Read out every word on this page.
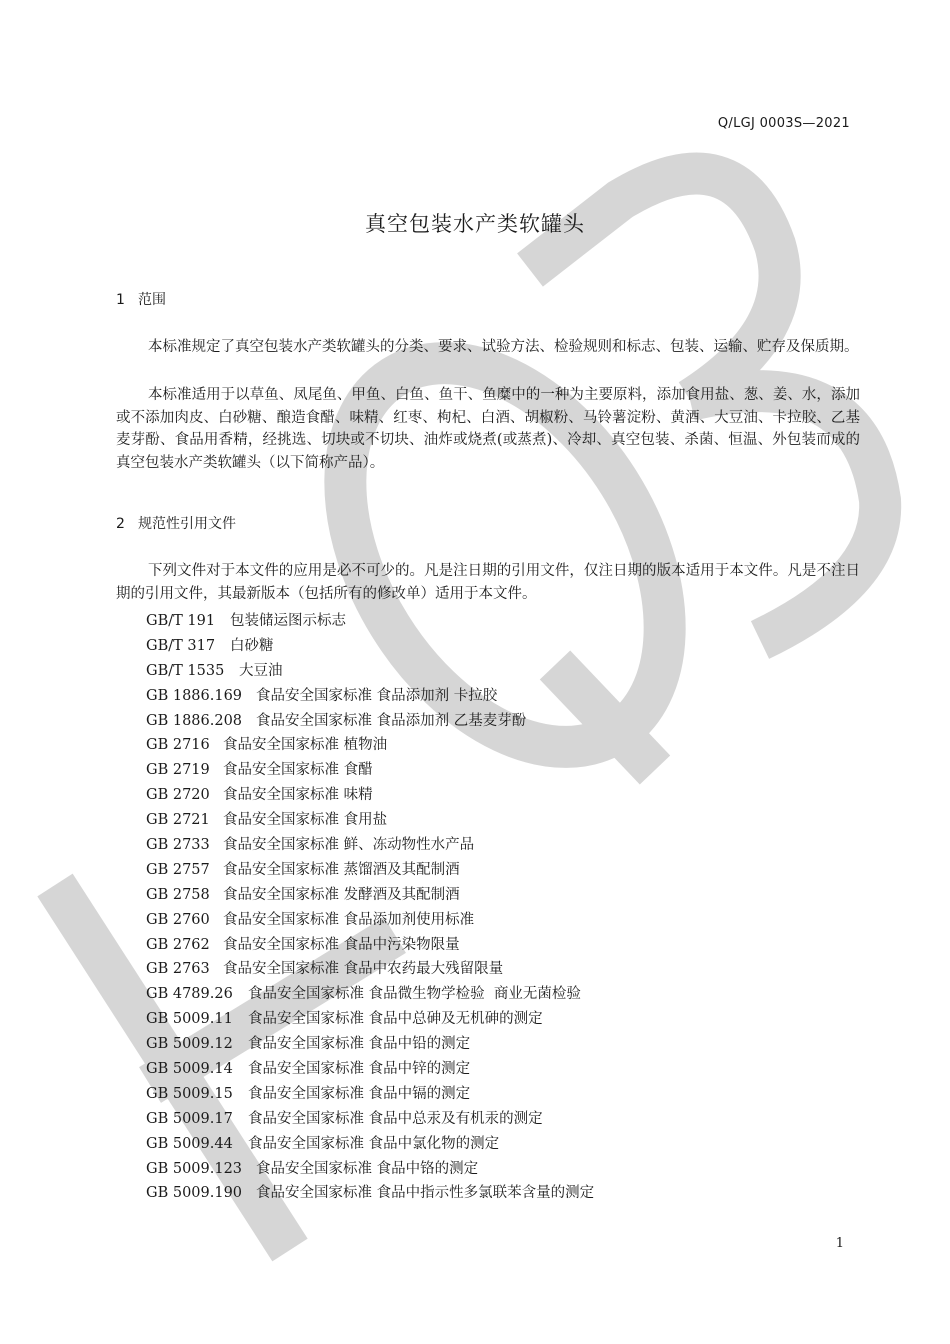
Q/LGJ 0003S—2021
真空包装水产类软罐头
1 范围

本标准规定了真空包装水产类软罐头的分类、要求、试验方法、检验规则和标志、包装、运输、贮存及保质期。

本标准适用于以草鱼、凤尾鱼、甲鱼、白鱼、鱼干、鱼糜中的一种为主要原料，添加食用盐、葱、姜、水，添加或不添加肉皮、白砂糖、酿造食醋、味精、红枣、枸杞、白酒、胡椒粉、马铃薯淀粉、黄酒、大豆油、卡拉胶、乙基麦芽酚、食品用香精，经挑选、切块或不切块、油炸或烧煮(或蒸煮)、冷却、真空包装、杀菌、恒温、外包装而成的真空包装水产类软罐头（以下简称产品）。

2 规范性引用文件

下列文件对于本文件的应用是必不可少的。凡是注日期的引用文件，仅注日期的版本适用于本文件。凡是不注日期的引用文件，其最新版本（包括所有的修改单）适用于本文件。

GB/T 191 包装储运图示标志
GB/T 317 白砂糖
GB/T 1535 大豆油
GB 1886.169 食品安全国家标准 食品添加剂 卡拉胶
GB 1886.208 食品安全国家标准 食品添加剂 乙基麦芽酚
GB 2716 食品安全国家标准 植物油
GB 2719 食品安全国家标准 食醋
GB 2720 食品安全国家标准 味精
GB 2721 食品安全国家标准 食用盐
GB 2733 食品安全国家标准 鲜、冻动物性水产品
GB 2757 食品安全国家标准 蒸馏酒及其配制酒
GB 2758 食品安全国家标准 发酵酒及其配制酒
GB 2760 食品安全国家标准 食品添加剂使用标准
GB 2762 食品安全国家标准 食品中污染物限量
GB 2763 食品安全国家标准 食品中农药最大残留限量
GB 4789.26 食品安全国家标准 食品微生物学检验  商业无菌检验
GB 5009.11 食品安全国家标准 食品中总砷及无机砷的测定
GB 5009.12 食品安全国家标准 食品中铅的测定
GB 5009.14 食品安全国家标准 食品中锌的测定
GB 5009.15 食品安全国家标准 食品中镉的测定
GB 5009.17 食品安全国家标准 食品中总汞及有机汞的测定
GB 5009.44 食品安全国家标准 食品中氯化物的测定
GB 5009.123 食品安全国家标准 食品中铬的测定
GB 5009.190 食品安全国家标准 食品中指示性多氯联苯含量的测定
1
